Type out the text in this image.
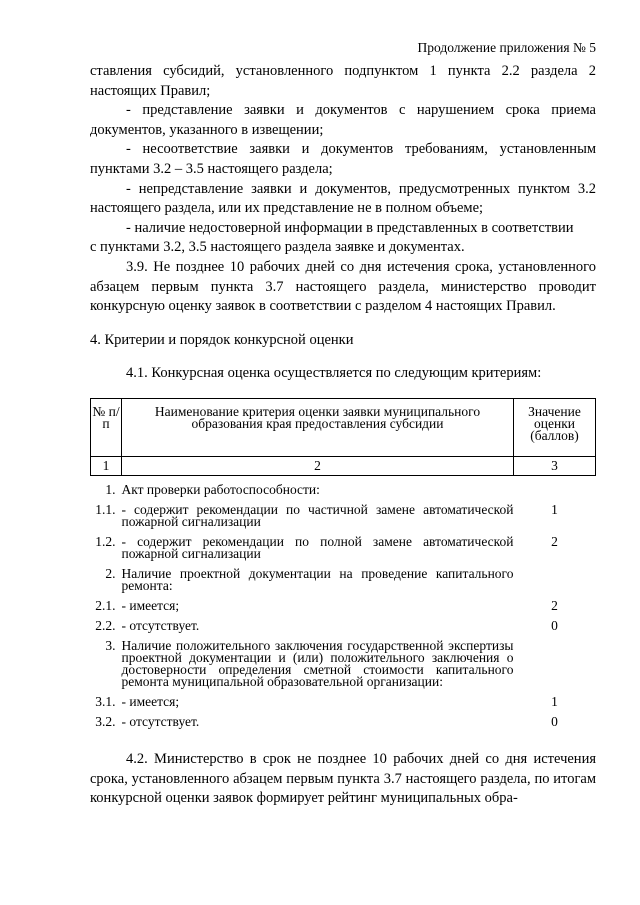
Продолжение приложения № 5

ставления субсидий, установленного подпунктом 1 пункта 2.2 раздела 2 настоящих Правил;

- представление заявки и документов с нарушением срока приема документов, указанного в извещении;

- несоответствие заявки и документов требованиям, установленным пунктами 3.2 – 3.5 настоящего раздела;

- непредставление заявки и документов, предусмотренных пунктом 3.2 настоящего раздела, или их представление не в полном объеме;

- наличие недостоверной информации в представленных в соответствии

с пунктами 3.2, 3.5 настоящего раздела заявке и документах.

3.9. Не позднее 10 рабочих дней со дня истечения срока, установленного абзацем первым пункта 3.7 настоящего раздела, министерство проводит конкурсную оценку заявок в соответствии с разделом 4 настоящих Правил.

4. Критерии и порядок конкурсной оценки

4.1. Конкурсная оценка осуществляется по следующим критериям:

№ п/п	Наименование критерия оценки заявки муниципального образования края предоставления субсидии	Значение оценки (баллов)
1	2	3
1.	Акт проверки работоспособности:	
1.1.	- содержит рекомендации по частичной замене автоматической пожарной сигнализации	1
1.2.	- содержит рекомендации по полной замене автоматической пожарной сигнализации	2
2.	Наличие проектной документации на проведение капитального ремонта:	
2.1.	- имеется;	2
2.2.	- отсутствует.	0
3.	Наличие положительного заключения государственной экспертизы проектной документации и (или) положительного заключения о достоверности определения сметной стоимости капитального ремонта муниципальной образовательной организации:	
3.1.	- имеется;	1
3.2.	- отсутствует.	0

4.2. Министерство в срок не позднее 10 рабочих дней со дня истечения срока, установленного абзацем первым пункта 3.7 настоящего раздела, по итогам конкурсной оценки заявок формирует рейтинг муниципальных обра-
